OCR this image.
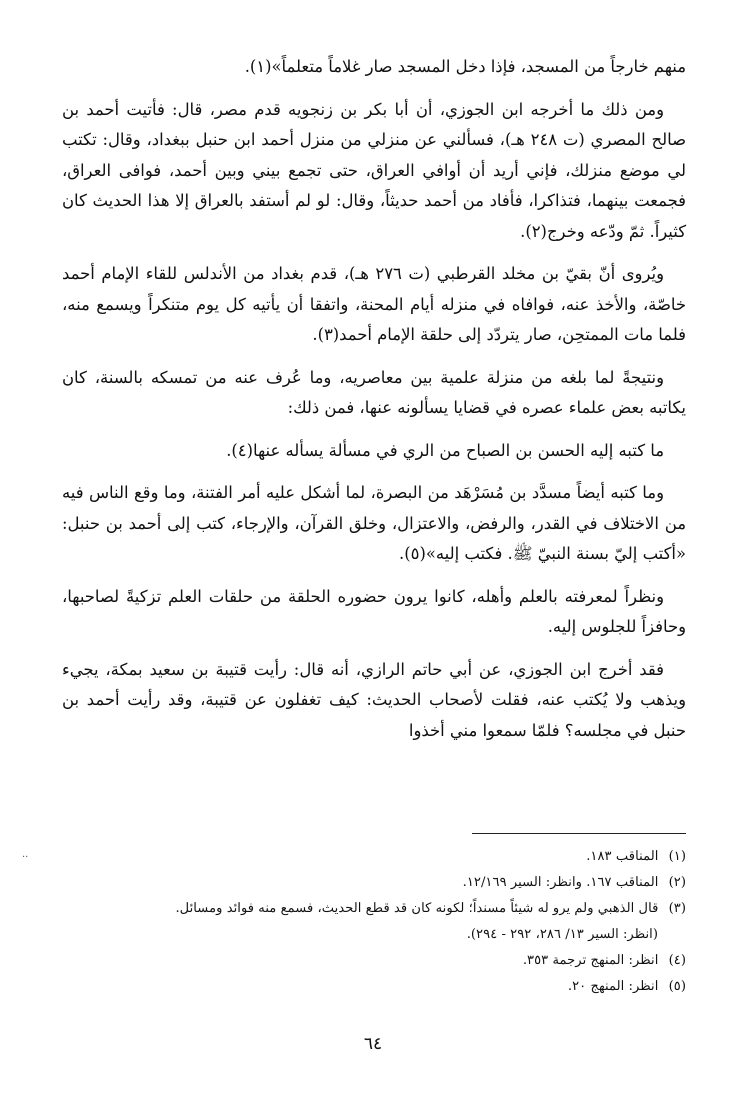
منهم خارجاً من المسجد، فإذا دخل المسجد صار غلاماً متعلماً»(١).

ومن ذلك ما أخرجه ابن الجوزي، أن أبا بكر بن زنجويه قدم مصر، قال: فأتيت أحمد بن صالح المصري (ت ٢٤٨ هـ)، فسألني عن منزلي من منزل أحمد ابن حنبل ببغداد، وقال: تكتب لي موضع منزلك، فإني أريد أن أوافي العراق، حتى تجمع بيني وبين أحمد، فوافى العراق، فجمعت بينهما، فتذاكرا، فأفاد من أحمد حديثاً، وقال: لو لم أستفد بالعراق إلا هذا الحديث كان كثيراً. ثمّ ودّعه وخرج(٢).

ويُروى أنّ بقيّ بن مخلد القرطبي (ت ٢٧٦ هـ)، قدم بغداد من الأندلس للقاء الإمام أحمد خاصّة، والأخذ عنه، فوافاه في منزله أيام المحنة، واتفقا أن يأتيه كل يوم متنكراً ويسمع منه، فلما مات الممتحِن، صار يتردّد إلى حلقة الإمام أحمد(٣).

ونتيجةً لما بلغه من منزلة علمية بين معاصريه، وما عُرف عنه من تمسكه بالسنة، كان يكاتبه بعض علماء عصره في قضايا يسألونه عنها، فمن ذلك:

ما كتبه إليه الحسن بن الصباح من الري في مسألة يسأله عنها(٤).

وما كتبه أيضاً مسدَّد بن مُسَرْهَد من البصرة، لما أشكل عليه أمر الفتنة، وما وقع الناس فيه من الاختلاف في القدر، والرفض، والاعتزال، وخلق القرآن، والإرجاء، كتب إلى أحمد بن حنبل: «أكتب إليّ بسنة النبيّ ﷺ. فكتب إليه»(٥).

ونظراً لمعرفته بالعلم وأهله، كانوا يرون حضوره الحلقة من حلقات العلم تزكيةً لصاحبها، وحافزاً للجلوس إليه.

فقد أخرج ابن الجوزي، عن أبي حاتم الرازي، أنه قال: رأيت قتيبة بن سعيد بمكة، يجيء ويذهب ولا يُكتب عنه، فقلت لأصحاب الحديث: كيف تغفلون عن قتيبة، وقد رأيت أحمد بن حنبل في مجلسه؟ فلمّا سمعوا مني أخذوا

(١) المناقب ١٨٣.

(٢) المناقب ١٦٧. وانظر: السير ١٢/١٦٩.

(٣) قال الذهبي ولم يرو له شيئاً مسنداً؛ لكونه كان قد قطع الحديث، فسمع منه فوائد ومسائل.

(انظر: السير ١٣/ ٢٨٦، ٢٩٢ - ٢٩٤).

(٤) انظر: المنهج ترجمة ٣٥٣.

(٥) انظر: المنهج ٢٠.

··
٦٤
